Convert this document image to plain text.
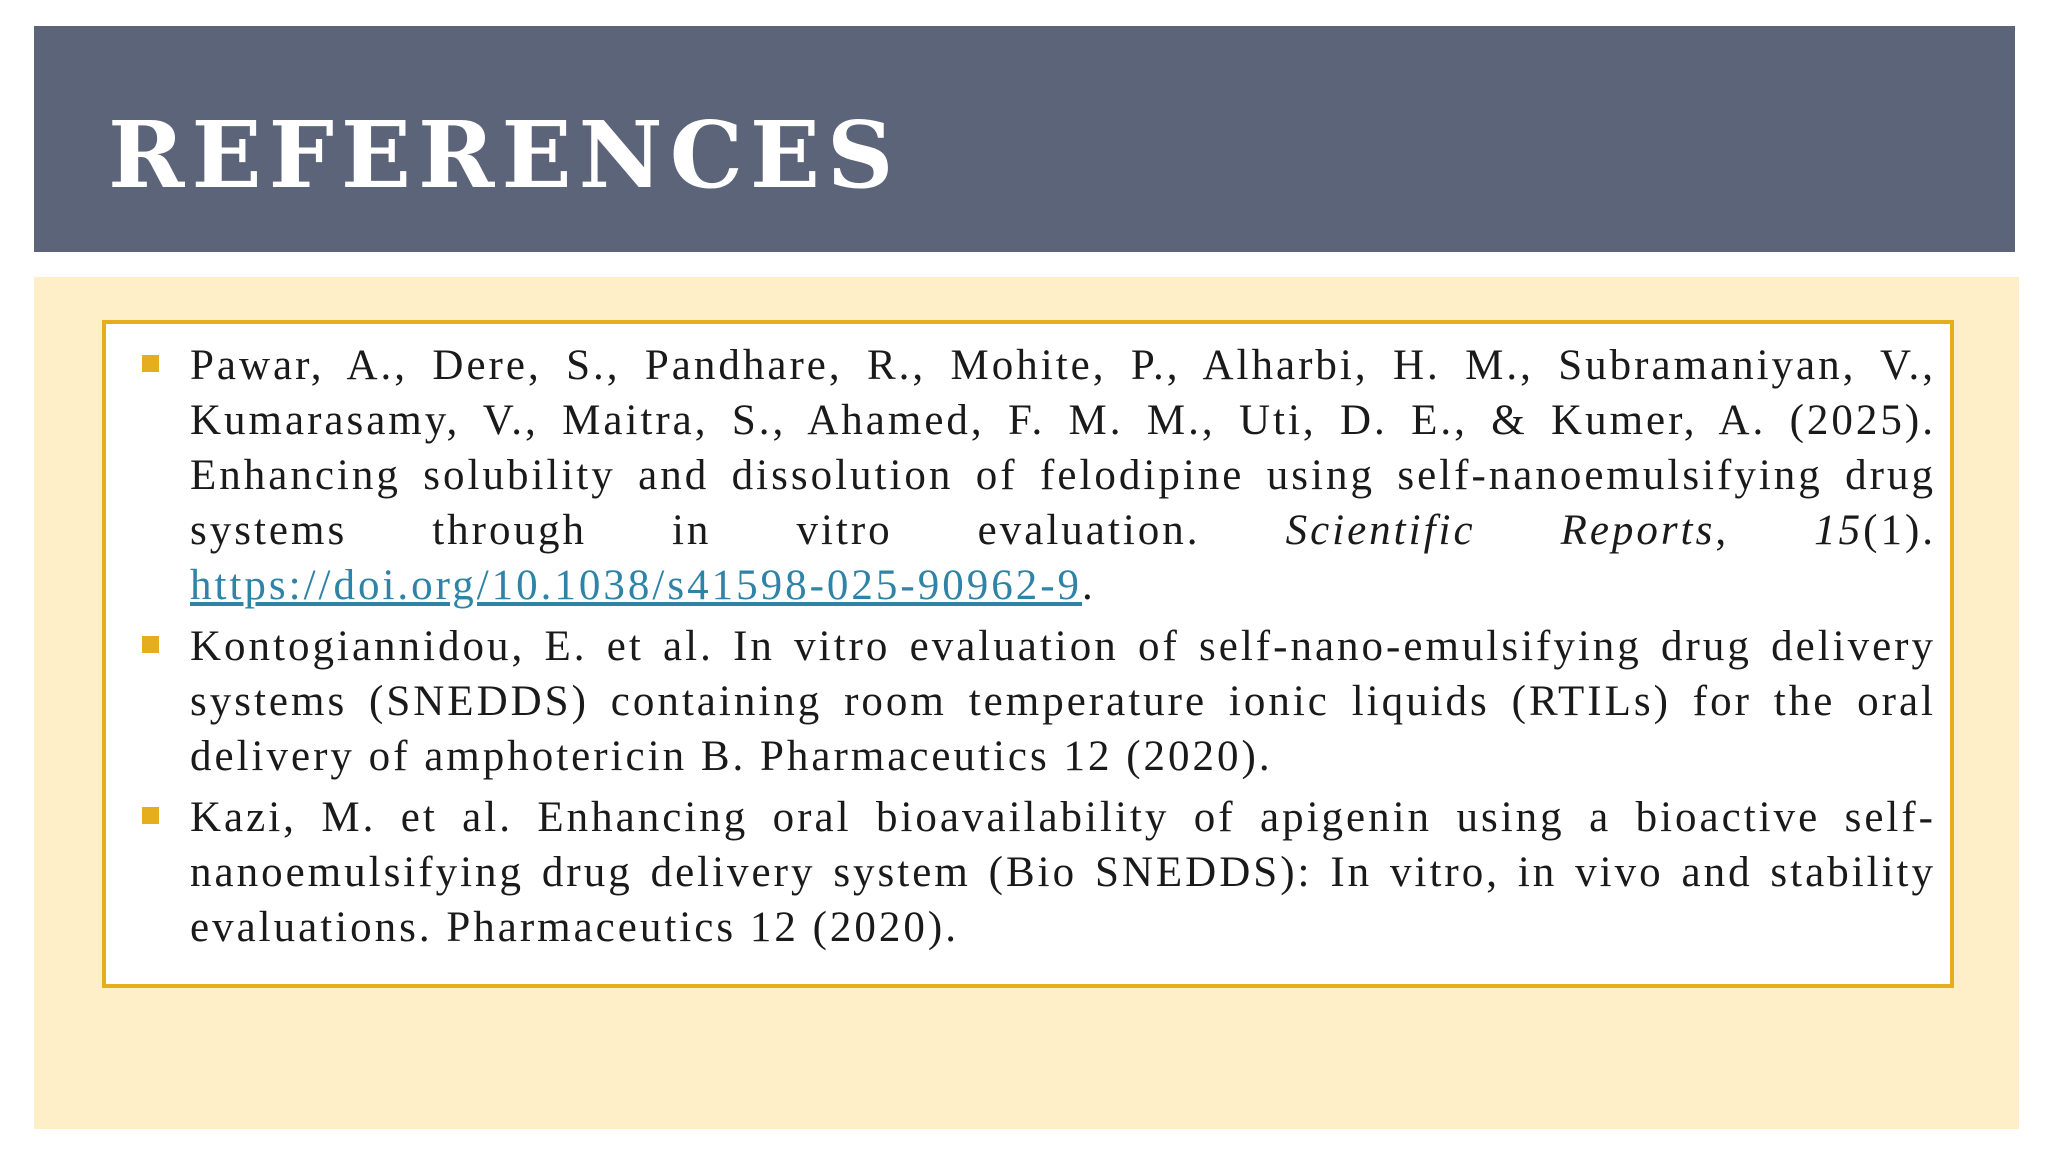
REFERENCES
Pawar, A., Dere, S., Pandhare, R., Mohite, P., Alharbi, H. M., Subramaniyan, V., Kumarasamy, V., Maitra, S., Ahamed, F. M. M., Uti, D. E., & Kumer, A. (2025). Enhancing solubility and dissolution of felodipine using self-nanoemulsifying drug systems through in vitro evaluation. Scientific Reports, 15(1). https://doi.org/10.1038/s41598-025-90962-9.
Kontogiannidou, E. et al. In vitro evaluation of self-nano-emulsifying drug delivery systems (SNEDDS) containing room temperature ionic liquids (RTILs) for the oral delivery of amphotericin B. Pharmaceutics 12 (2020).
Kazi, M. et al. Enhancing oral bioavailability of apigenin using a bioactive self-nanoemulsifying drug delivery system (Bio SNEDDS): In vitro, in vivo and stability evaluations. Pharmaceutics 12 (2020).
